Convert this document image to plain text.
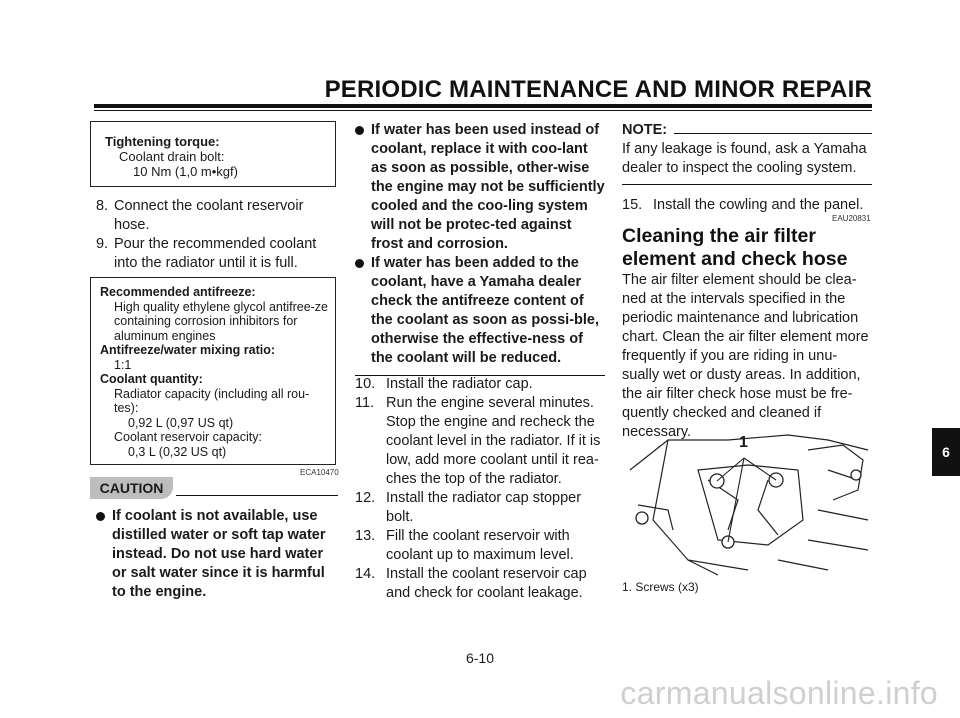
PERIODIC MAINTENANCE AND MINOR REPAIR
Tightening torque:
Coolant drain bolt:
10 Nm (1,0 m•kgf)
8. Connect the coolant reservoir hose.
9. Pour the recommended coolant into the radiator until it is full.
Recommended antifreeze:
High quality ethylene glycol antifree-ze containing corrosion inhibitors for aluminum engines
Antifreeze/water mixing ratio:
1:1
Coolant quantity:
Radiator capacity (including all rou-tes):
0,92 L (0,97 US qt)
Coolant reservoir capacity:
0,3 L (0,32 US qt)
ECA10470
CAUTION
If coolant is not available, use distilled water or soft tap water instead. Do not use hard water or salt water since it is harmful to the engine.
If water has been used instead of coolant, replace it with coo-lant as soon as possible, other-wise the engine may not be sufficiently cooled and the coo-ling system will not be protec-ted against frost and corrosion.
If water has been added to the coolant, have a Yamaha dealer check the antifreeze content of the coolant as soon as possi-ble, otherwise the effective-ness of the coolant will be reduced.
10. Install the radiator cap.
11. Run the engine several minutes. Stop the engine and recheck the coolant level in the radiator. If it is low, add more coolant until it rea-ches the top of the radiator.
12. Install the radiator cap stopper bolt.
13. Fill the coolant reservoir with coolant up to maximum level.
14. Install the coolant reservoir cap and check for coolant leakage.
NOTE:
If any leakage is found, ask a Yamaha dealer to inspect the cooling system.
15. Install the cowling and the panel.
EAU20831
Cleaning the air filter element and check hose
The air filter element should be clea-ned at the intervals specified in the periodic maintenance and lubrication chart. Clean the air filter element more frequently if you are riding in unu-sually wet or dusty areas. In addition, the air filter check hose must be fre-quently checked and cleaned if necessary.
1
1. Screws (x3)
6
6-10
carmanualsonline.info
